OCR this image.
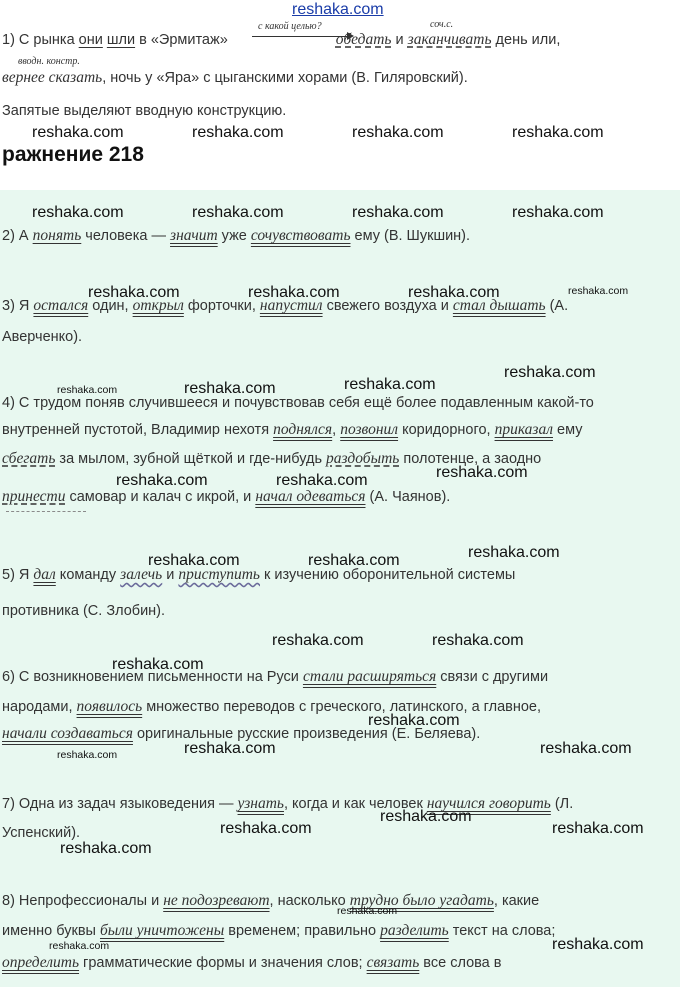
reshaka.com
с какой целью?	соч.с.
вводн. констр.
1) С рынка они шли в «Эрмитаж»	обедать и заканчивать день или,
вернее сказать, ночь у «Яра» с цыганскими хорами (В. Гиляровский).
Запятые выделяют вводную конструкцию.
ражнение 218
2) А понять человека — значит уже сочувствовать ему (В. Шукшин).
3) Я остался один, открыл форточки, напустил свежего воздуха и стал дышать (А.
Аверченко).
4) С трудом поняв случившееся и почувствовав себя ещё более подавленным какой-то
внутренней пустотой, Владимир нехотя поднялся, позвонил коридорного, приказал ему
сбегать за мылом, зубной щёткой и где-нибудь раздобыть полотенце, а заодно
принести самовар и калач с икрой, и начал одеваться (А. Чаянов).
5) Я дал команду залечь и приступить к изучению оборонительной системы
противника (С. Злобин).
6) С возникновением письменности на Руси стали расширяться связи с другими
народами, появилось множество переводов с греческого, латинского, а главное,
начали создаваться оригинальные русские произведения (Е. Беляева).
7) Одна из задач языковедения — узнать, когда и как человек научился говорить (Л.
Успенский).
8) Непрофессионалы и не подозревают, насколько трудно было угадать, какие
именно буквы были уничтожены временем; правильно разделить текст на слова;
определить грамматические формы и значения слов; связать все слова в
reshaka.com	reshaka.com	reshaka.com	reshaka.com
reshaka.com	reshaka.com	reshaka.com	reshaka.com
reshaka.com	reshaka.com	reshaka.com	reshaka.com
reshaka.com	reshaka.com	reshaka.com
reshaka.com
reshaka.com	reshaka.com	reshaka.com
reshaka.com	reshaka.com	reshaka.com
reshaka.com	reshaka.com
reshaka.com
reshaka.com
reshaka.com	reshaka.com
reshaka.com
reshaka.com
reshaka.com	reshaka.com
reshaka.com
reshaka.com
reshaka.com
reshaka.com
